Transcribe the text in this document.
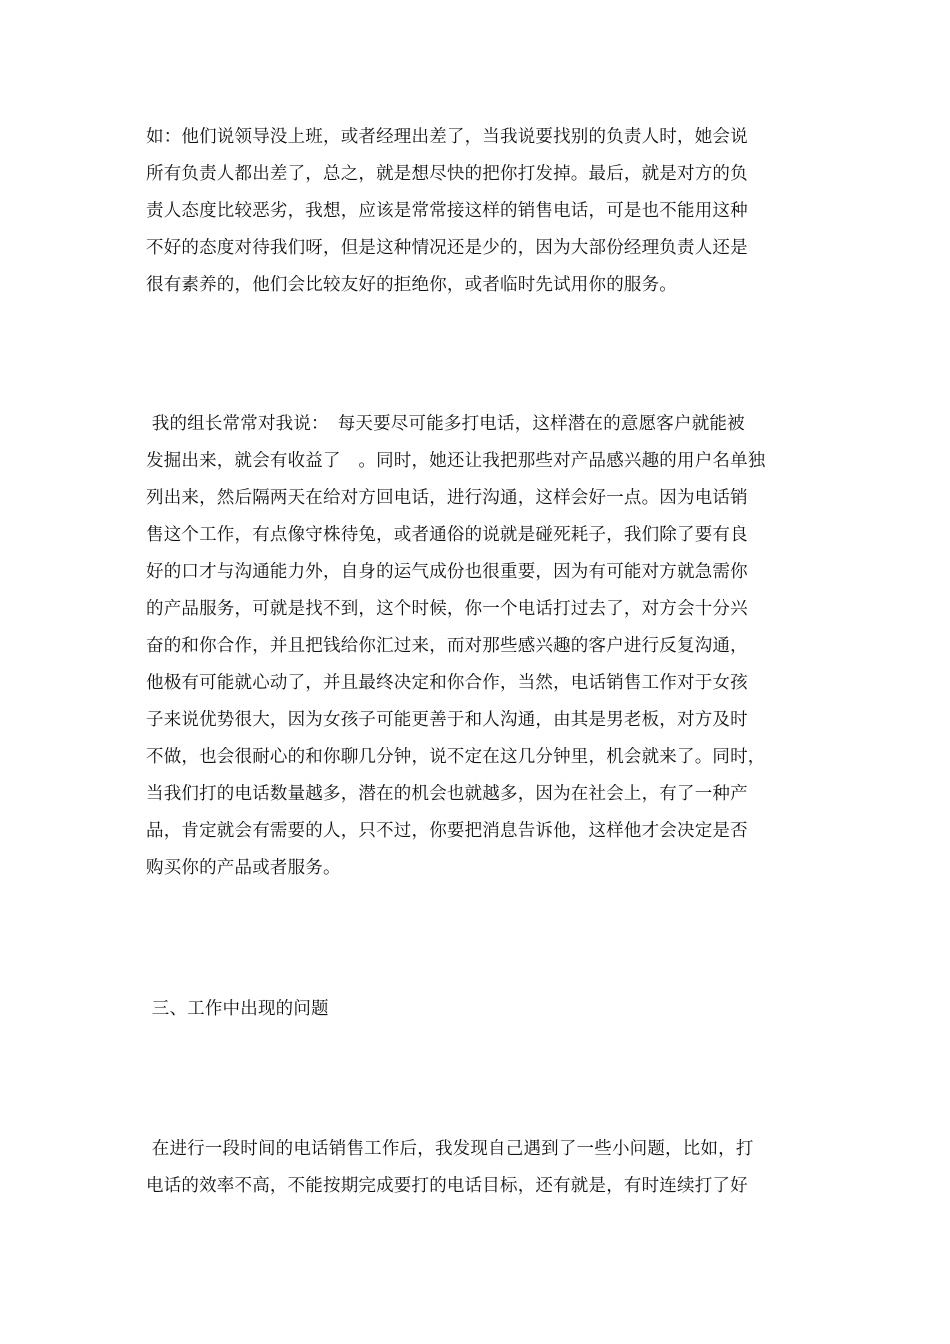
如：他们说领导没上班，或者经理出差了，当我说要找别的负责人时，她会说
所有负责人都出差了，总之，就是想尽快的把你打发掉。最后，就是对方的负
责人态度比较恶劣，我想，应该是常常接这样的销售电话，可是也不能用这种
不好的态度对待我们呀，但是这种情况还是少的，因为大部份经理负责人还是
很有素养的，他们会比较友好的拒绝你，或者临时先试用你的服务。
我的组长常常对我说：　每天要尽可能多打电话，这样潜在的意愿客户就能被
发掘出来，就会有收益了　。同时，她还让我把那些对产品感兴趣的用户名单独
列出来，然后隔两天在给对方回电话，进行沟通，这样会好一点。因为电话销
售这个工作，有点像守株待兔，或者通俗的说就是碰死耗子，我们除了要有良
好的口才与沟通能力外，自身的运气成份也很重要，因为有可能对方就急需你
的产品服务，可就是找不到，这个时候，你一个电话打过去了，对方会十分兴
奋的和你合作，并且把钱给你汇过来，而对那些感兴趣的客户进行反复沟通，
他极有可能就心动了，并且最终决定和你合作，当然，电话销售工作对于女孩
子来说优势很大，因为女孩子可能更善于和人沟通，由其是男老板，对方及时
不做，也会很耐心的和你聊几分钟，说不定在这几分钟里，机会就来了。同时，
当我们打的电话数量越多，潜在的机会也就越多，因为在社会上，有了一种产
品，肯定就会有需要的人，只不过，你要把消息告诉他，这样他才会决定是否
购买你的产品或者服务。
三、工作中出现的问题
在进行一段时间的电话销售工作后，我发现自己遇到了一些小问题，比如，打
电话的效率不高，不能按期完成要打的电话目标，还有就是，有时连续打了好
